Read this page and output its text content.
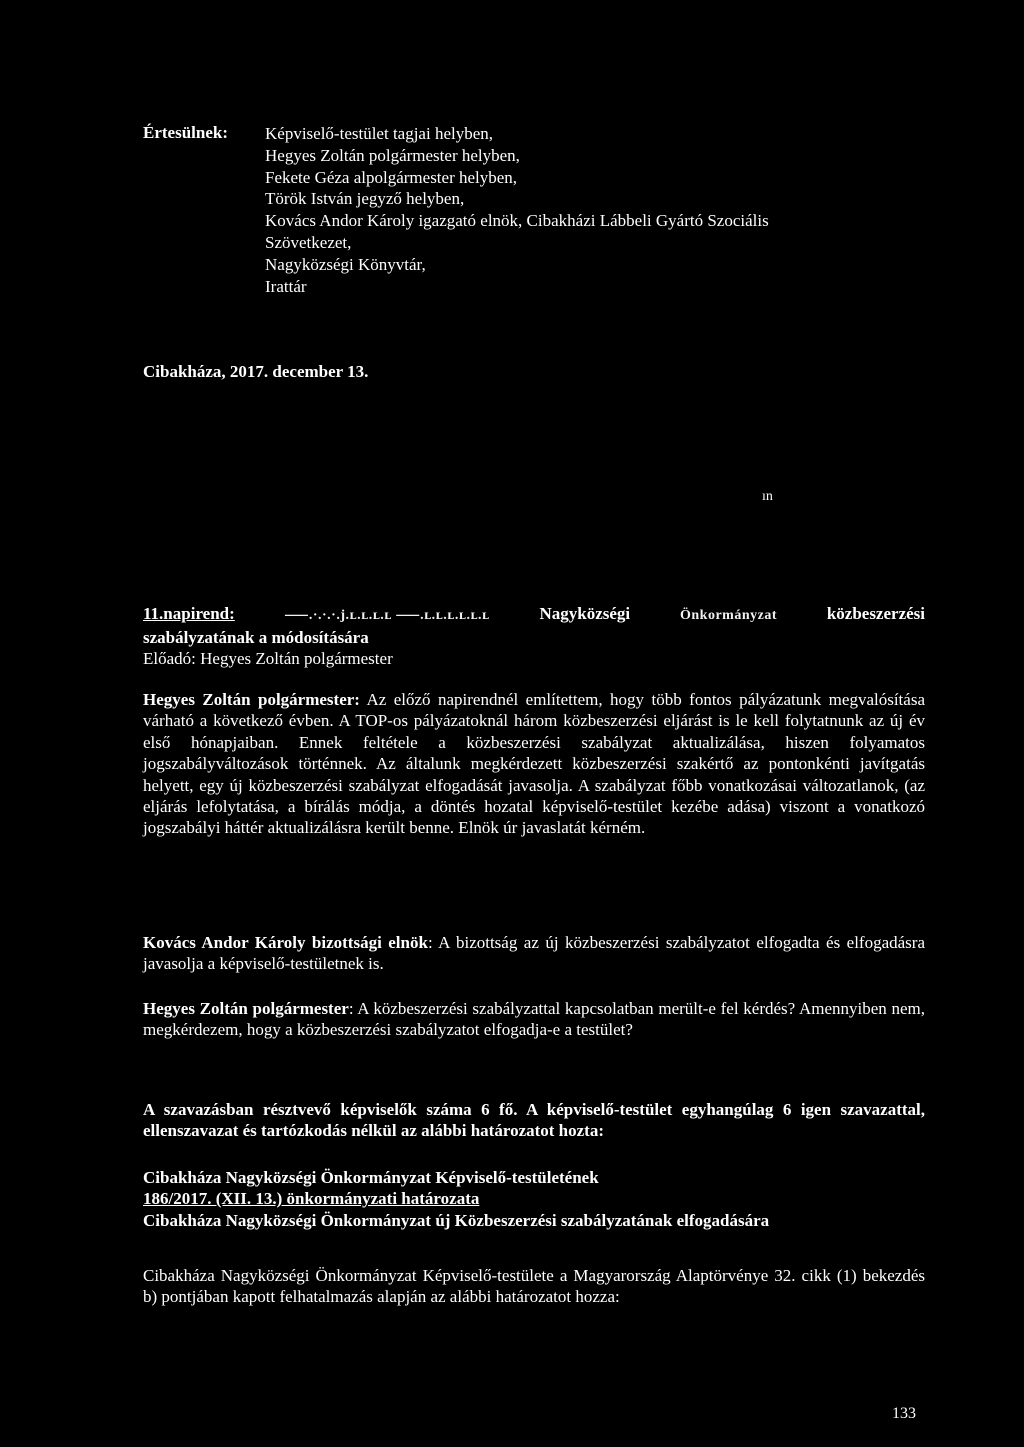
Értesülnek: Képviselő-testület tagjai helyben,
Hegyes Zoltán polgármester helyben,
Fekete Géza alpolgármester helyben,
Török István jegyző helyben,
Kovács Andor Károly igazgató elnök, Cibakházi Lábbeli Gyártó Szociális
Szövetkezet,
Nagyközségi Könyvtár,
Irattár
Cibakháza, 2017. december 13.
ın
11.napirend:	⸺.·.·.·.j.ʟ.ʟ.ʟ.ʟ ⸺.ʟ.ʟ.ʟ.ʟ.ʟ.ʟ	Nagyközségi	Önkormányzat	közbeszerzési
szabályzatának a módosítására
Előadó: Hegyes Zoltán polgármester

Hegyes Zoltán polgármester: Az előző napirendnél említettem, hogy több fontos pályázatunk megvalósítása várható a következő évben. A TOP-os pályázatoknál három közbeszerzési eljárást is le kell folytatnunk az új év első hónapjaiban. Ennek feltétele a közbeszerzési szabályzat aktualizálása, hiszen folyamatos jogszabályváltozások történnek. Az általunk megkérdezett közbeszerzési szakértő az pontonkénti javítgatás helyett, egy új közbeszerzési szabályzat elfogadását javasolja. A szabályzat főbb vonatkozásai változatlanok, (az eljárás lefolytatása, a bírálás módja, a döntés hozatal képviselő-testület kezébe adása) viszont a vonatkozó jogszabályi háttér aktualizálásra került benne. Elnök úr javaslatát kérném.

Kovács Andor Károly bizottsági elnök: A bizottság az új közbeszerzési szabályzatot elfogadta és elfogadásra javasolja a képviselő-testületnek is.

Hegyes Zoltán polgármester: A közbeszerzési szabályzattal kapcsolatban merült-e fel kérdés? Amennyiben nem, megkérdezem, hogy a közbeszerzési szabályzatot elfogadja-e a testület?

A szavazásban résztvevő képviselők száma 6 fő. A képviselő-testület egyhangúlag 6 igen szavazattal, ellenszavazat és tartózkodás nélkül az alábbi határozatot hozta:

Cibakháza Nagyközségi Önkormányzat Képviselő-testületének
186/2017. (XII. 13.) önkormányzati határozata
Cibakháza Nagyközségi Önkormányzat új Közbeszerzési szabályzatának elfogadására

Cibakháza Nagyközségi Önkormányzat Képviselő-testülete a Magyarország Alaptörvénye 32. cikk (1) bekezdés b) pontjában kapott felhatalmazás alapján az alábbi határozatot hozza:

133
